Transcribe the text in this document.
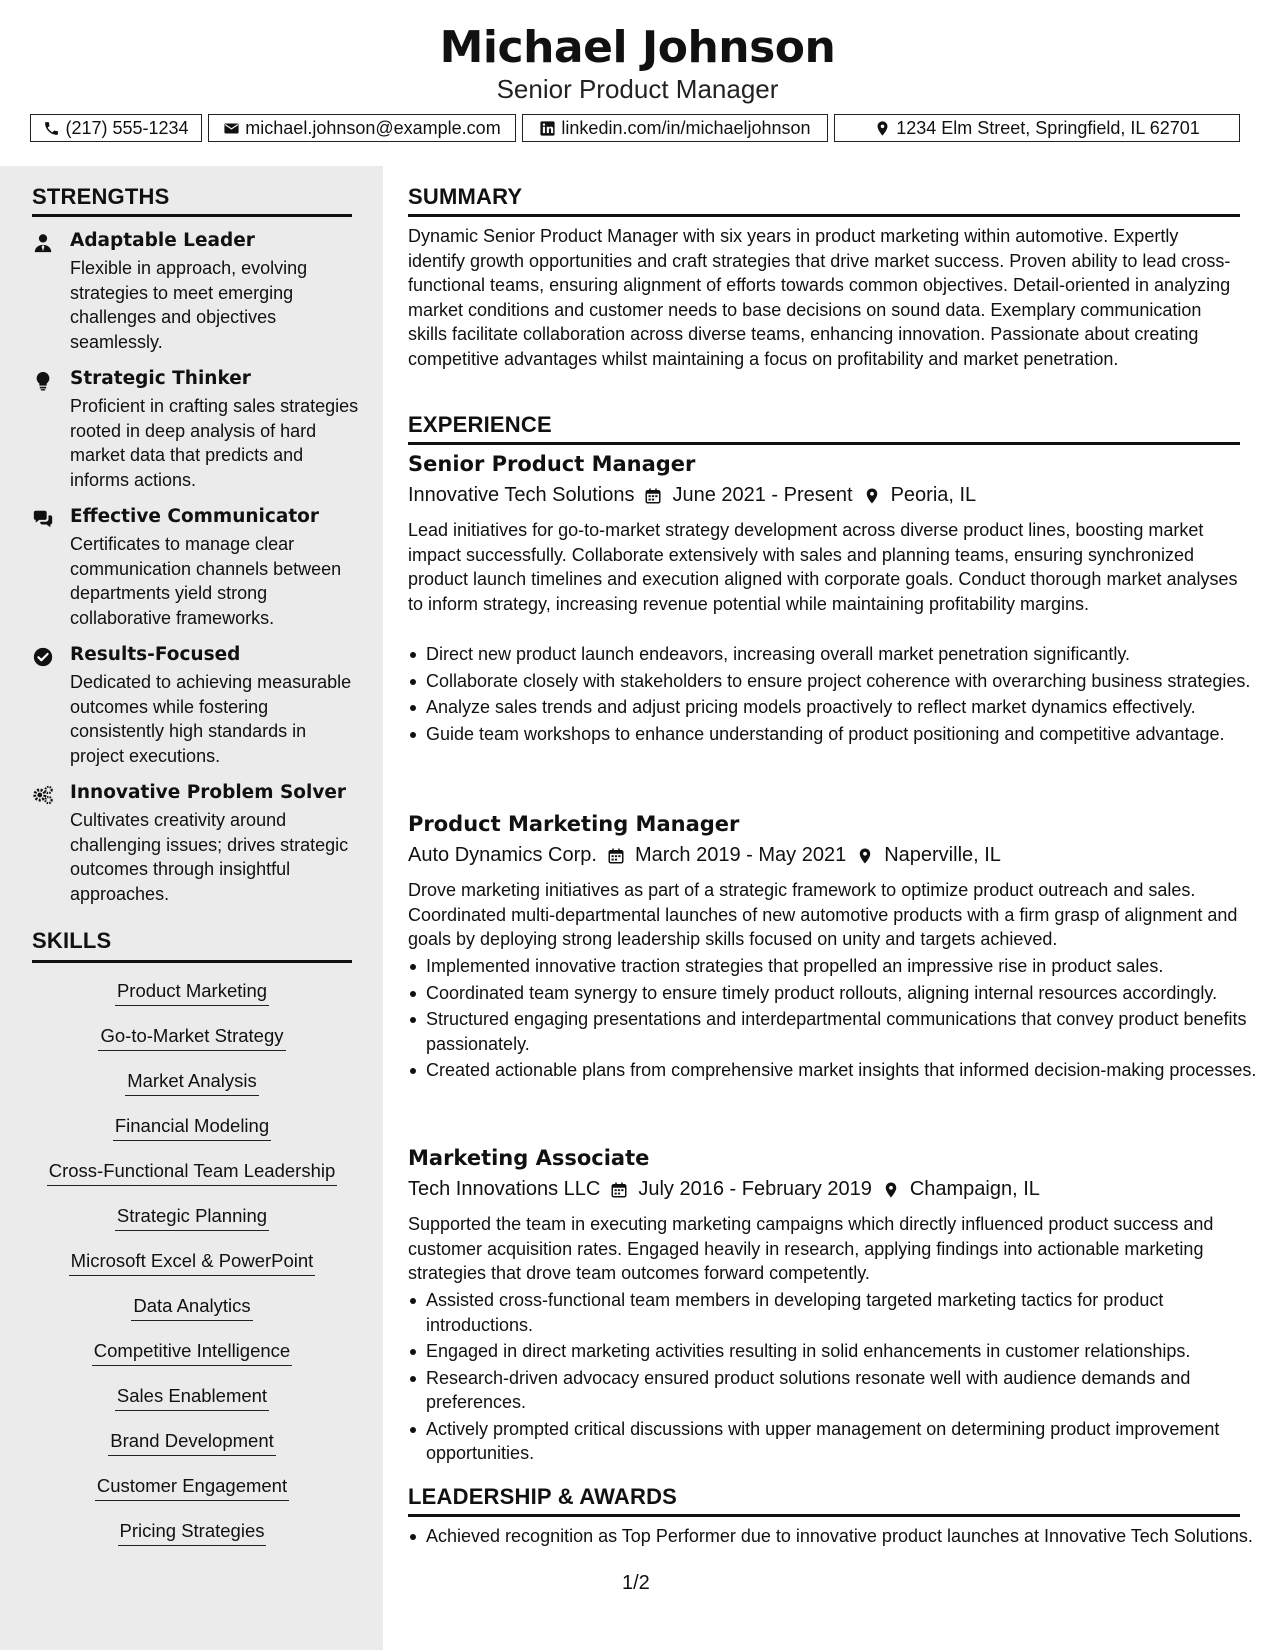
Michael Johnson
Senior Product Manager
(217) 555-1234	michael.johnson@example.com	linkedin.com/in/michaeljohnson	1234 Elm Street, Springfield, IL 62701
STRENGTHS
Adaptable Leader
Flexible in approach, evolving strategies to meet emerging challenges and objectives seamlessly.
Strategic Thinker
Proficient in crafting sales strategies rooted in deep analysis of hard market data that predicts and informs actions.
Effective Communicator
Certificates to manage clear communication channels between departments yield strong collaborative frameworks.
Results-Focused
Dedicated to achieving measurable outcomes while fostering consistently high standards in project executions.
Innovative Problem Solver
Cultivates creativity around challenging issues; drives strategic outcomes through insightful approaches.
SKILLS
Product Marketing
Go-to-Market Strategy
Market Analysis
Financial Modeling
Cross-Functional Team Leadership
Strategic Planning
Microsoft Excel & PowerPoint
Data Analytics
Competitive Intelligence
Sales Enablement
Brand Development
Customer Engagement
Pricing Strategies
SUMMARY
Dynamic Senior Product Manager with six years in product marketing within automotive. Expertly identify growth opportunities and craft strategies that drive market success. Proven ability to lead cross-functional teams, ensuring alignment of efforts towards common objectives. Detail-oriented in analyzing market conditions and customer needs to base decisions on sound data. Exemplary communication skills facilitate collaboration across diverse teams, enhancing innovation. Passionate about creating competitive advantages whilst maintaining a focus on profitability and market penetration.
EXPERIENCE
Senior Product Manager
Innovative Tech Solutions June 2021 - Present Peoria, IL
Lead initiatives for go-to-market strategy development across diverse product lines, boosting market impact successfully. Collaborate extensively with sales and planning teams, ensuring synchronized product launch timelines and execution aligned with corporate goals. Conduct thorough market analyses to inform strategy, increasing revenue potential while maintaining profitability margins.
Direct new product launch endeavors, increasing overall market penetration significantly.
Collaborate closely with stakeholders to ensure project coherence with overarching business strategies.
Analyze sales trends and adjust pricing models proactively to reflect market dynamics effectively.
Guide team workshops to enhance understanding of product positioning and competitive advantage.
Product Marketing Manager
Auto Dynamics Corp. March 2019 - May 2021 Naperville, IL
Drove marketing initiatives as part of a strategic framework to optimize product outreach and sales. Coordinated multi-departmental launches of new automotive products with a firm grasp of alignment and goals by deploying strong leadership skills focused on unity and targets achieved.
Implemented innovative traction strategies that propelled an impressive rise in product sales.
Coordinated team synergy to ensure timely product rollouts, aligning internal resources accordingly.
Structured engaging presentations and interdepartmental communications that convey product benefits passionately.
Created actionable plans from comprehensive market insights that informed decision-making processes.
Marketing Associate
Tech Innovations LLC July 2016 - February 2019 Champaign, IL
Supported the team in executing marketing campaigns which directly influenced product success and customer acquisition rates. Engaged heavily in research, applying findings into actionable marketing strategies that drove team outcomes forward competently.
Assisted cross-functional team members in developing targeted marketing tactics for product introductions.
Engaged in direct marketing activities resulting in solid enhancements in customer relationships.
Research-driven advocacy ensured product solutions resonate well with audience demands and preferences.
Actively prompted critical discussions with upper management on determining product improvement opportunities.
LEADERSHIP & AWARDS
Achieved recognition as Top Performer due to innovative product launches at Innovative Tech Solutions.
1/2
